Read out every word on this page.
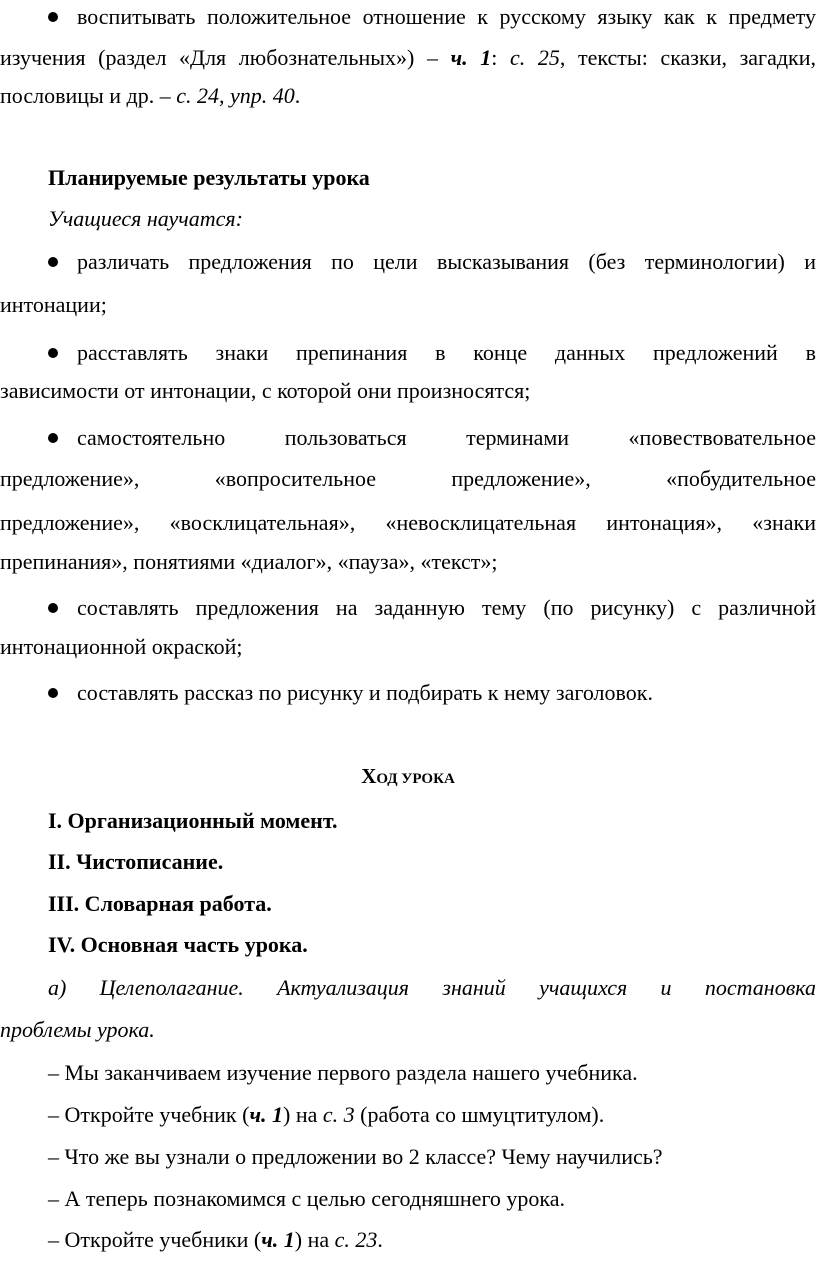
воспитывать положительное отношение к русскому языку как к предмету
изучения (раздел «Для любознательных») – ч. 1: с. 25, тексты: сказки, загадки,
пословицы и др. – с. 24, упр. 40.
Планируемые результаты урока
Учащиеся научатся:
различать предложения по цели высказывания (без терминологии) и
интонации;
расставлять знаки препинания в конце данных предложений в
зависимости от интонации, с которой они произносятся;
самостоятельно пользоваться терминами «повествовательное
предложение», «вопросительное предложение», «побудительное
предложение», «восклицательная», «невосклицательная интонация», «знаки
препинания», понятиями «диалог», «пауза», «текст»;
составлять предложения на заданную тему (по рисунку) с различной
интонационной окраской;
составлять рассказ по рисунку и подбирать к нему заголовок.
ХОД УРОКА
I. Организационный момент.
II. Чистописание.
III. Словарная работа.
IV. Основная часть урока.
а) Целеполагание. Актуализация знаний учащихся и постановка
проблемы урока.
– Мы заканчиваем изучение первого раздела нашего учебника.
– Откройте учебник (ч. 1) на с. 3 (работа со шмуцтитулом).
– Что же вы узнали о предложении во 2 классе? Чему научились?
– А теперь познакомимся с целью сегодняшнего урока.
– Откройте учебники (ч. 1) на с. 23.
